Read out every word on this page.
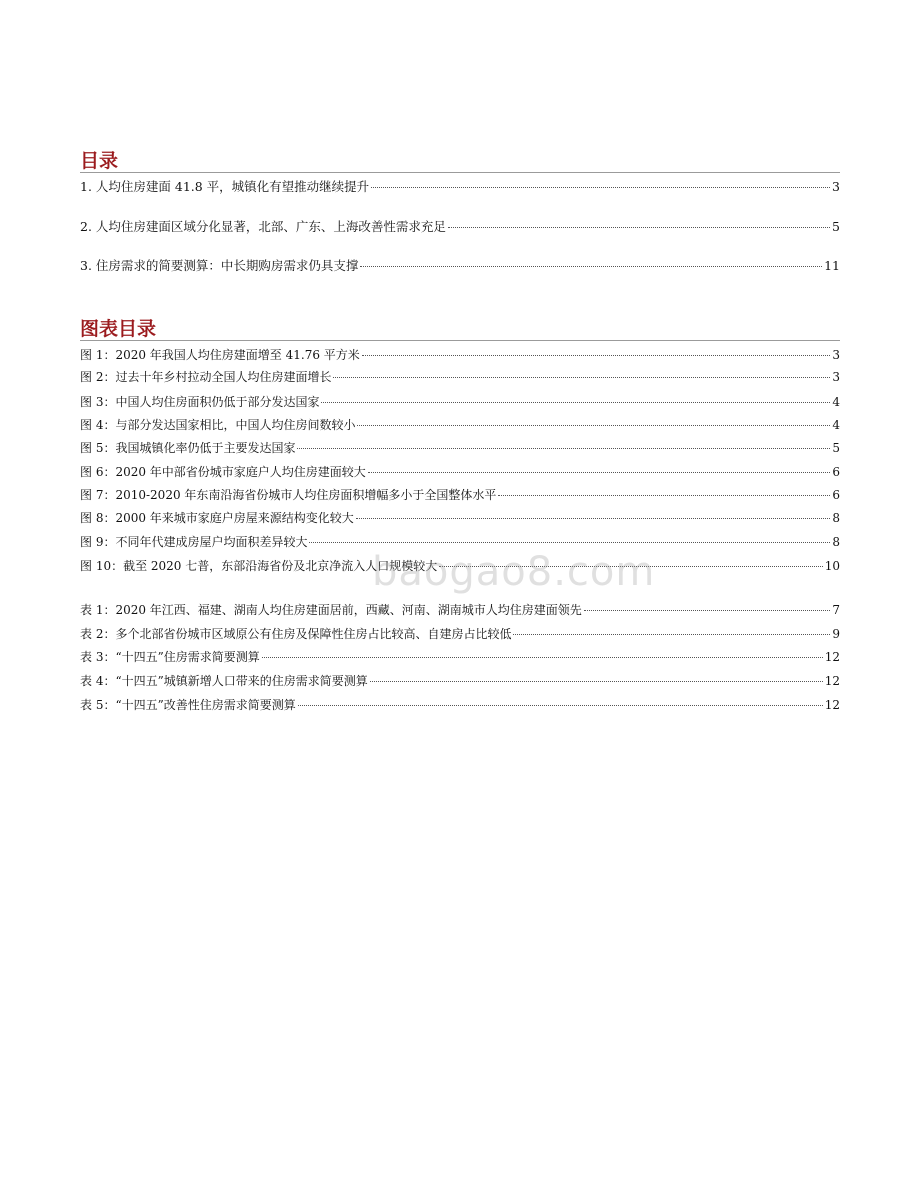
目录
1. 人均住房建面 41.8 平，城镇化有望推动继续提升	3
2. 人均住房建面区域分化显著，北部、广东、上海改善性需求充足	5
3. 住房需求的简要测算：中长期购房需求仍具支撑	11
图表目录
图 1：2020 年我国人均住房建面增至 41.76 平方米	3
图 2：过去十年乡村拉动全国人均住房建面增长	3
图 3：中国人均住房面积仍低于部分发达国家	4
图 4：与部分发达国家相比，中国人均住房间数较小	4
图 5：我国城镇化率仍低于主要发达国家	5
图 6：2020 年中部省份城市家庭户人均住房建面较大	6
图 7：2010-2020 年东南沿海省份城市人均住房面积增幅多小于全国整体水平	6
图 8：2000 年来城市家庭户房屋来源结构变化较大	8
图 9：不同年代建成房屋户均面积差异较大	8
图 10：截至 2020 七普，东部沿海省份及北京净流入人口规模较大	10
表 1：2020 年江西、福建、湖南人均住房建面居前，西藏、河南、湖南城市人均住房建面领先	7
表 2：多个北部省份城市区域原公有住房及保障性住房占比较高、自建房占比较低	9
表 3：“十四五”住房需求简要测算	12
表 4：“十四五”城镇新增人口带来的住房需求简要测算	12
表 5：“十四五”改善性住房需求简要测算	12
baogao8.com
